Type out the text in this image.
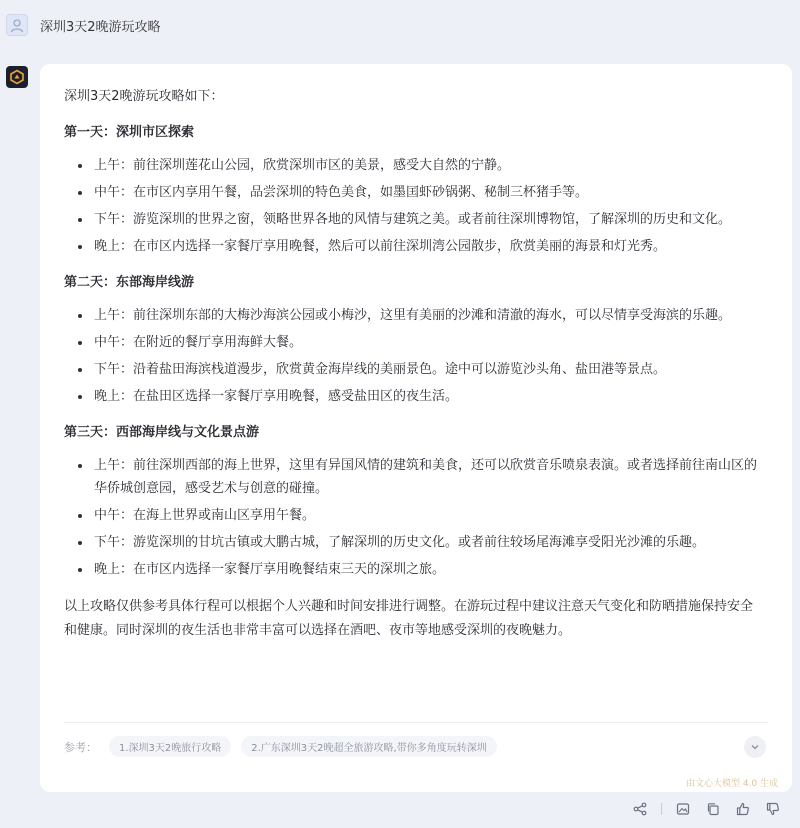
深圳3天2晚游玩攻略
深圳3天2晚游玩攻略如下：
第一天：深圳市区探索
上午：前往深圳莲花山公园，欣赏深圳市区的美景，感受大自然的宁静。
中午：在市区内享用午餐，品尝深圳的特色美食，如墨囯虾砂锅粥、秘制三杯猪手等。
下午：游览深圳的世界之窗，领略世界各地的风情与建筑之美。或者前往深圳博物馆，了解深圳的历史和文化。
晚上：在市区内选择一家餐厅享用晚餐，然后可以前往深圳湾公园散步，欣赏美丽的海景和灯光秀。
第二天：东部海岸线游
上午：前往深圳东部的大梅沙海滨公园或小梅沙，这里有美丽的沙滩和清澈的海水，可以尽情享受海滨的乐趣。
中午：在附近的餐厅享用海鲜大餐。
下午：沿着盐田海滨栈道漫步，欣赏黄金海岸线的美丽景色。途中可以游览沙头角、盐田港等景点。
晚上：在盐田区选择一家餐厅享用晚餐，感受盐田区的夜生活。
第三天：西部海岸线与文化景点游
上午：前往深圳西部的海上世界，这里有异国风情的建筑和美食，还可以欣赏音乐喷泉表演。或者选择前往南山区的华侨城创意园，感受艺术与创意的碰撞。
中午：在海上世界或南山区享用午餐。
下午：游览深圳的甘坑古镇或大鹏古城，了解深圳的历史文化。或者前往较场尾海滩享受阳光沙滩的乐趣。
晚上：在市区内选择一家餐厅享用晚餐结束三天的深圳之旅。
以上攻略仅供参考具体行程可以根据个人兴趣和时间安排进行调整。在游玩过程中建议注意天气变化和防晒措施保持安全和健康。同时深圳的夜生活也非常丰富可以选择在酒吧、夜市等地感受深圳的夜晚魅力。
参考：	1.深圳3天2晚旅行攻略	2.广东深圳3天2晚超全旅游攻略,带你多角度玩转深圳
由文心大模型 4.0 生成
